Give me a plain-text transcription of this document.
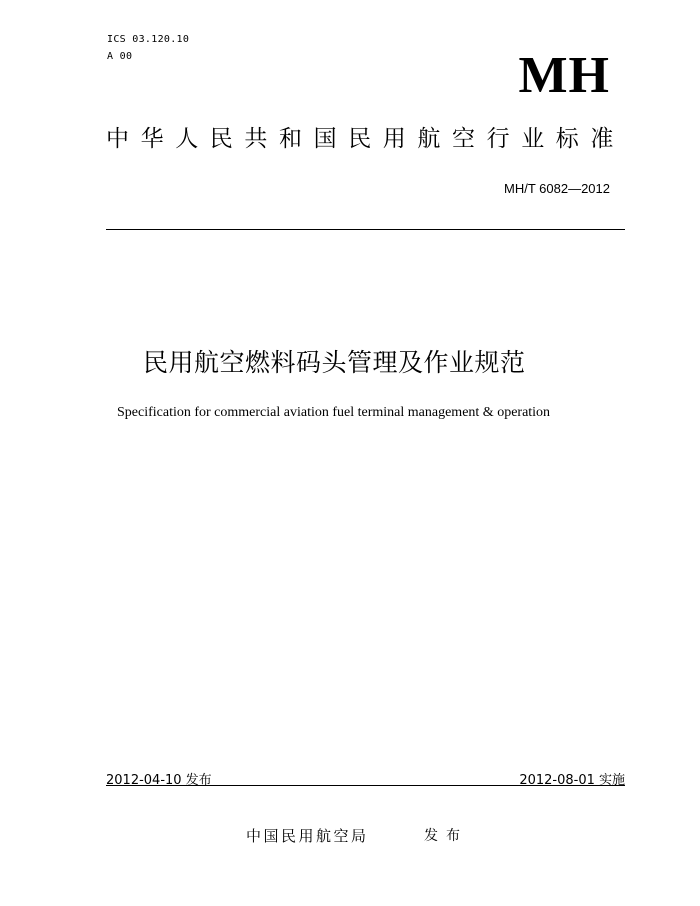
ICS 03.120.10
A 00	MH
中华人民共和国民用航空行业标准
MH/T 6082—2012
民用航空燃料码头管理及作业规范
Specification for commercial aviation fuel terminal management & operation
2012-04-10 发布	2012-08-01 实施
中国民用航空局	发布
